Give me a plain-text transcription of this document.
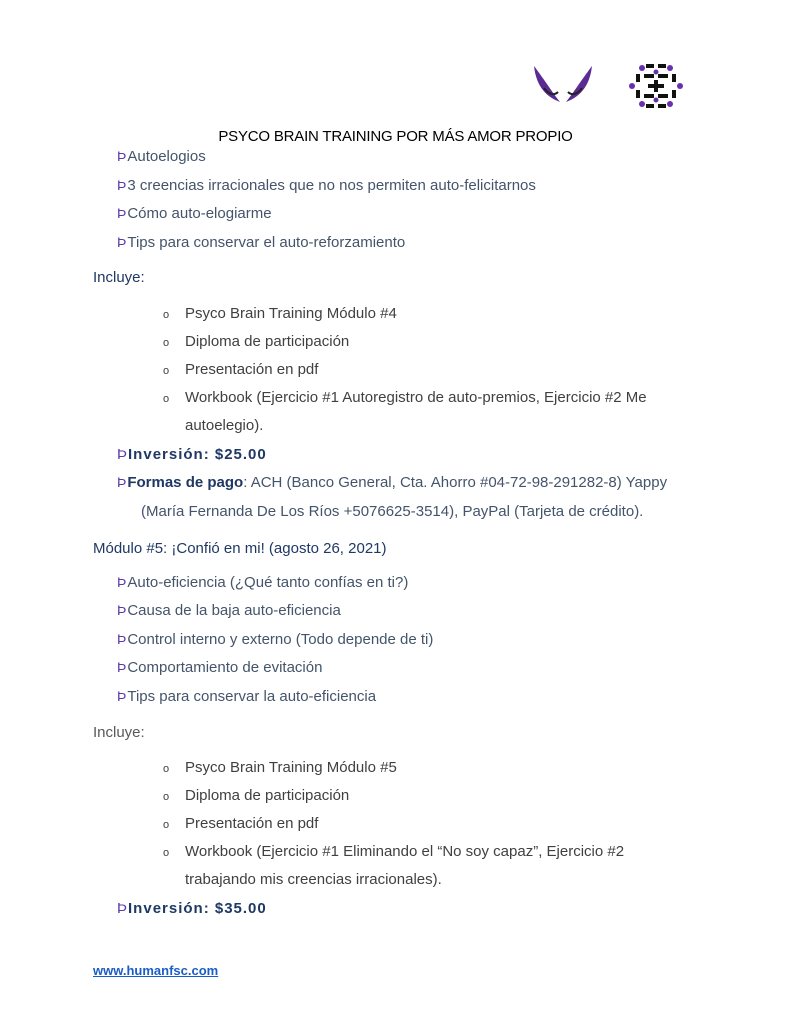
PSYCO BRAIN TRAINING POR MÁS AMOR PROPIO
ÞAutoelogios
Þ3 creencias irracionales que no nos permiten auto-felicitarnos
ÞCómo auto-elogiarme
ÞTips para conservar el auto-reforzamiento
Incluye:
o Psyco Brain Training Módulo #4
o Diploma de participación
o Presentación en pdf
o Workbook (Ejercicio #1 Autoregistro de auto-premios, Ejercicio #2 Me
autoelegio).
ÞInversión: $25.00
ÞFormas de pago: ACH (Banco General, Cta. Ahorro #04-72-98-291282-8) Yappy
(María Fernanda De Los Ríos +5076625-3514), PayPal (Tarjeta de crédito).
Módulo #5: ¡Confió en mi! (agosto 26, 2021)
ÞAuto-eficiencia (¿Qué tanto confías en ti?)
ÞCausa de la baja auto-eficiencia
ÞControl interno y externo (Todo depende de ti)
ÞComportamiento de evitación
ÞTips para conservar la auto-eficiencia
Incluye:
o Psyco Brain Training Módulo #5
o Diploma de participación
o Presentación en pdf
o Workbook (Ejercicio #1 Eliminando el “No soy capaz”, Ejercicio #2
trabajando mis creencias irracionales).
ÞInversión: $35.00
www.humanfsc.com
